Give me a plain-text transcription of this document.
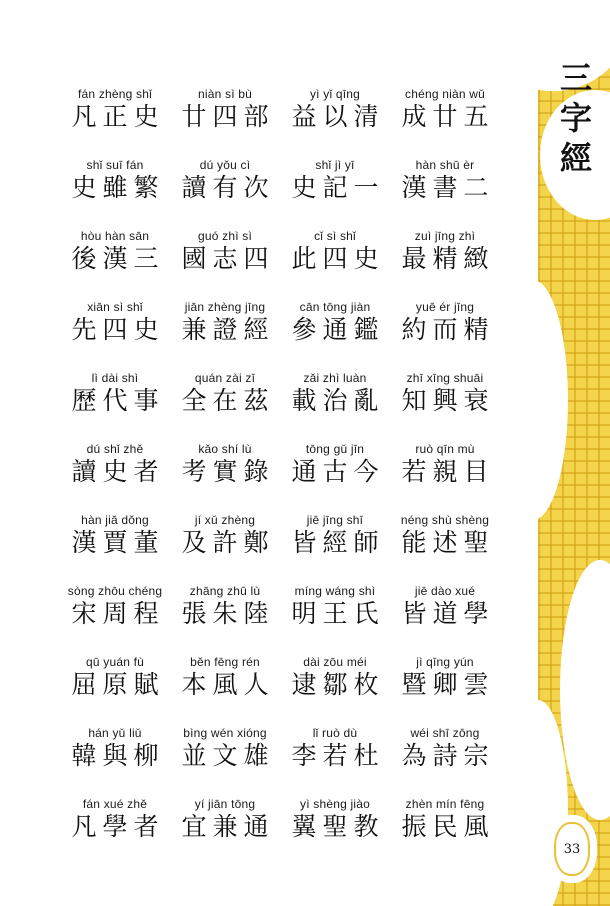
fán zhèng shǐ
凡正史
niàn sì bù
廿四部
yì yǐ qīng
益以清
chéng niàn wǔ
成廿五
shǐ suī fán
史雖繁
dú yǒu cì
讀有次
shǐ jì yī
史記一
hàn shū èr
漢書二
hòu hàn sān
後漢三
guó zhì sì
國志四
cǐ sì shǐ
此四史
zuì jīng zhì
最精緻
xiān sì shǐ
先四史
jiān zhèng jīng
兼證經
cān tōng jiàn
參通鑑
yuē ér jīng
約而精
lì dài shì
歷代事
quán zài zī
全在茲
zǎi zhì luàn
載治亂
zhī xīng shuāi
知興衰
dú shǐ zhě
讀史者
kǎo shí lù
考實錄
tōng gǔ jīn
通古今
ruò qīn mù
若親目
hàn jiǎ dǒng
漢賈董
jí xǔ zhèng
及許鄭
jiē jīng shī
皆經師
néng shù shèng
能述聖
sòng zhōu chéng
宋周程
zhāng zhū lù
張朱陸
míng wáng shì
明王氏
jiē dào xué
皆道學
qū yuán fù
屈原賦
běn fēng rén
本風人
dài zōu méi
逮鄒枚
jì qīng yún
暨卿雲
hán yǔ liǔ
韓與柳
bìng wén xióng
並文雄
lǐ ruò dù
李若杜
wéi shī zōng
為詩宗
fán xué zhě
凡學者
yí jiān tōng
宜兼通
yì shèng jiào
翼聖教
zhèn mín fēng
振民風
三
字
經
33
